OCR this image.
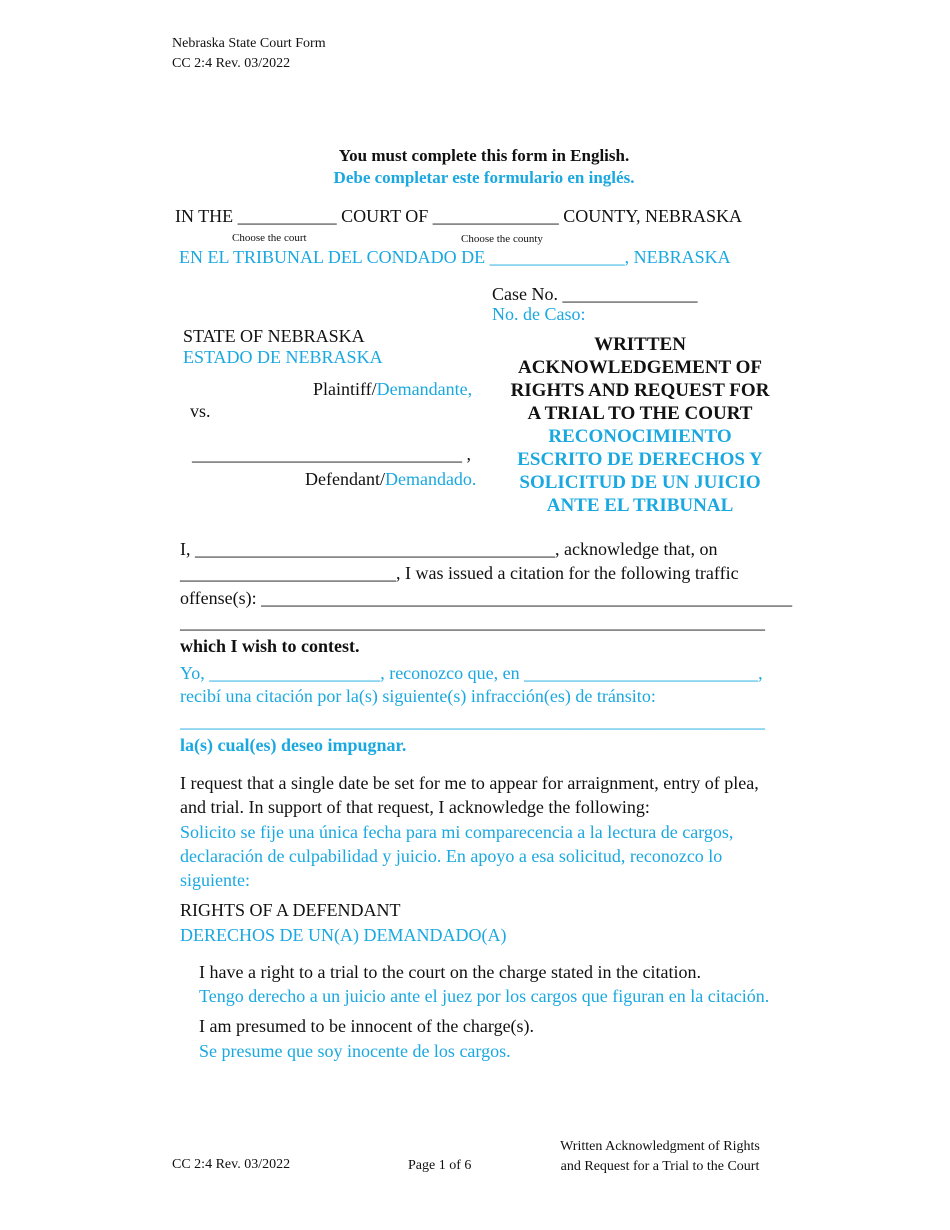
Nebraska State Court Form
CC 2:4 Rev. 03/2022
You must complete this form in English.
Debe completar este formulario en inglés.
IN THE ___________ COURT OF ______________ COUNTY, NEBRASKA
Choose the court	Choose the county
EN EL TRIBUNAL DEL CONDADO DE _______________, NEBRASKA
Case No. _______________
No. de Caso:
STATE OF NEBRASKA
ESTADO DE NEBRASKA
Plaintiff/Demandante,
vs.
______________________________ ,
Defendant/Demandado.
WRITTEN
ACKNOWLEDGEMENT OF
RIGHTS AND REQUEST FOR
A TRIAL TO THE COURT
RECONOCIMIENTO
ESCRITO DE DERECHOS Y
SOLICITUD DE UN JUICIO
ANTE EL TRIBUNAL
I, ________________________________________, acknowledge that, on
________________________, I was issued a citation for the following traffic
offense(s): ___________________________________________________________
_________________________________________________________________
which I wish to contest.
Yo, ___________________, reconozco que, en __________________________,
recibí una citación por la(s) siguiente(s) infracción(es) de tránsito:
_________________________________________________________________
la(s) cual(es) deseo impugnar.
I request that a single date be set for me to appear for arraignment, entry of plea,
and trial. In support of that request, I acknowledge the following:
Solicito se fije una única fecha para mi comparecencia a la lectura de cargos,
declaración de culpabilidad y juicio. En apoyo a esa solicitud, reconozco lo
siguiente:
RIGHTS OF A DEFENDANT
DERECHOS DE UN(A) DEMANDADO(A)
I have a right to a trial to the court on the charge stated in the citation.
Tengo derecho a un juicio ante el juez por los cargos que figuran en la citación.
I am presumed to be innocent of the charge(s).
Se presume que soy inocente de los cargos.
CC 2:4 Rev. 03/2022	Page 1 of 6
Written Acknowledgment of Rights
and Request for a Trial to the Court
